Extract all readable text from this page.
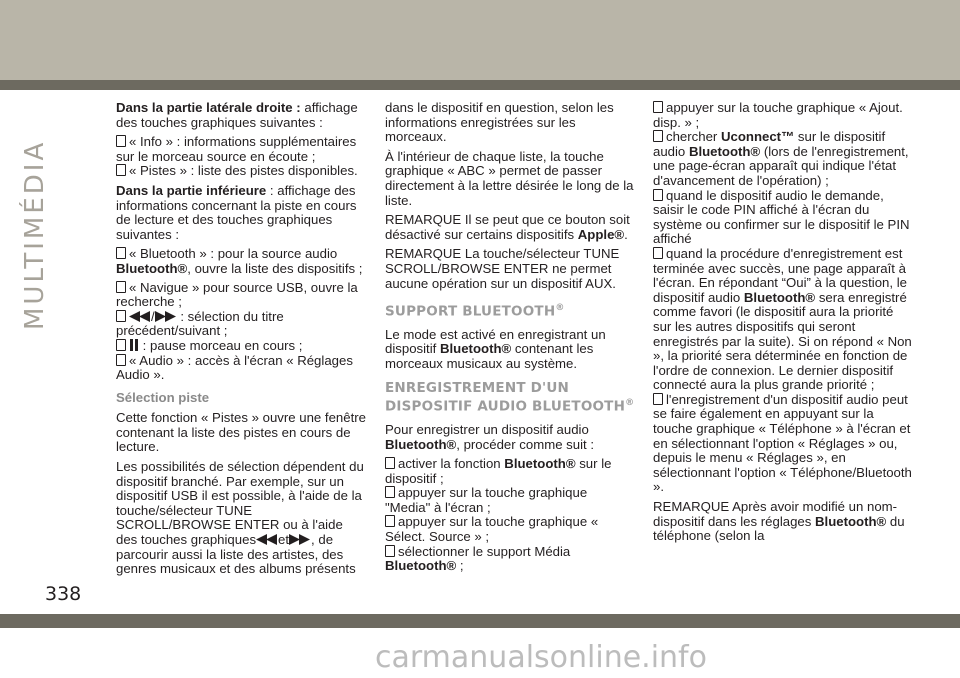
MULTIMÉDIA

Dans la partie latérale droite : affichage des touches graphiques suivantes :

« Info » : informations supplémentaires sur le morceau source en écoute ;

« Pistes » : liste des pistes disponibles.

Dans la partie inférieure : affichage des informations concernant la piste en cours de lecture et des touches graphiques suivantes :

« Bluetooth » : pour la source audio Bluetooth®, ouvre la liste des dispositifs ;

« Navigue » pour source USB, ouvre la recherche ;

/ : sélection du titre précédent/suivant ;

: pause morceau en cours ;

« Audio » : accès à l'écran « Réglages Audio ».

Sélection piste

Cette fonction « Pistes » ouvre une fenêtre contenant la liste des pistes en cours de lecture.

Les possibilités de sélection dépendent du dispositif branché. Par exemple, sur un dispositif USB il est possible, à l'aide de la touche/sélecteur TUNE SCROLL/BROWSE ENTER ou à l'aide des touches graphiques et , de parcourir aussi la liste des artistes, des genres musicaux et des albums présents

dans le dispositif en question, selon les informations enregistrées sur les morceaux.

À l'intérieur de chaque liste, la touche graphique « ABC » permet de passer directement à la lettre désirée le long de la liste.

REMARQUE Il se peut que ce bouton soit désactivé sur certains dispositifs Apple®.

REMARQUE La touche/sélecteur TUNE SCROLL/BROWSE ENTER ne permet aucune opération sur un dispositif AUX.

SUPPORT BLUETOOTH®

Le mode est activé en enregistrant un dispositif Bluetooth® contenant les morceaux musicaux au système.

ENREGISTREMENT D'UN
DISPOSITIF AUDIO BLUETOOTH®

Pour enregistrer un dispositif audio Bluetooth®, procéder comme suit :

activer la fonction Bluetooth® sur le dispositif ;

appuyer sur la touche graphique "Media" à l'écran ;

appuyer sur la touche graphique « Sélect. Source » ;

sélectionner le support Média Bluetooth® ;

appuyer sur la touche graphique « Ajout. disp. » ;

chercher Uconnect™ sur le dispositif audio Bluetooth® (lors de l'enregistrement, une page-écran apparaît qui indique l'état d'avancement de l'opération) ;

quand le dispositif audio le demande, saisir le code PIN affiché à l'écran du système ou confirmer sur le dispositif le PIN affiché

quand la procédure d'enregistrement est terminée avec succès, une page apparaît à l'écran. En répondant “Oui” à la question, le dispositif audio Bluetooth® sera enregistré comme favori (le dispositif aura la priorité sur les autres dispositifs qui seront enregistrés par la suite). Si on répond « Non », la priorité sera déterminée en fonction de l'ordre de connexion. Le dernier dispositif connecté aura la plus grande priorité ;

l'enregistrement d'un dispositif audio peut se faire également en appuyant sur la touche graphique « Téléphone » à l'écran et en sélectionnant l'option « Réglages » ou, depuis le menu « Réglages », en sélectionnant l'option « Téléphone/Bluetooth ».

REMARQUE Après avoir modifié un nom-dispositif dans les réglages Bluetooth® du téléphone (selon la

338
carmanualsonline.info
